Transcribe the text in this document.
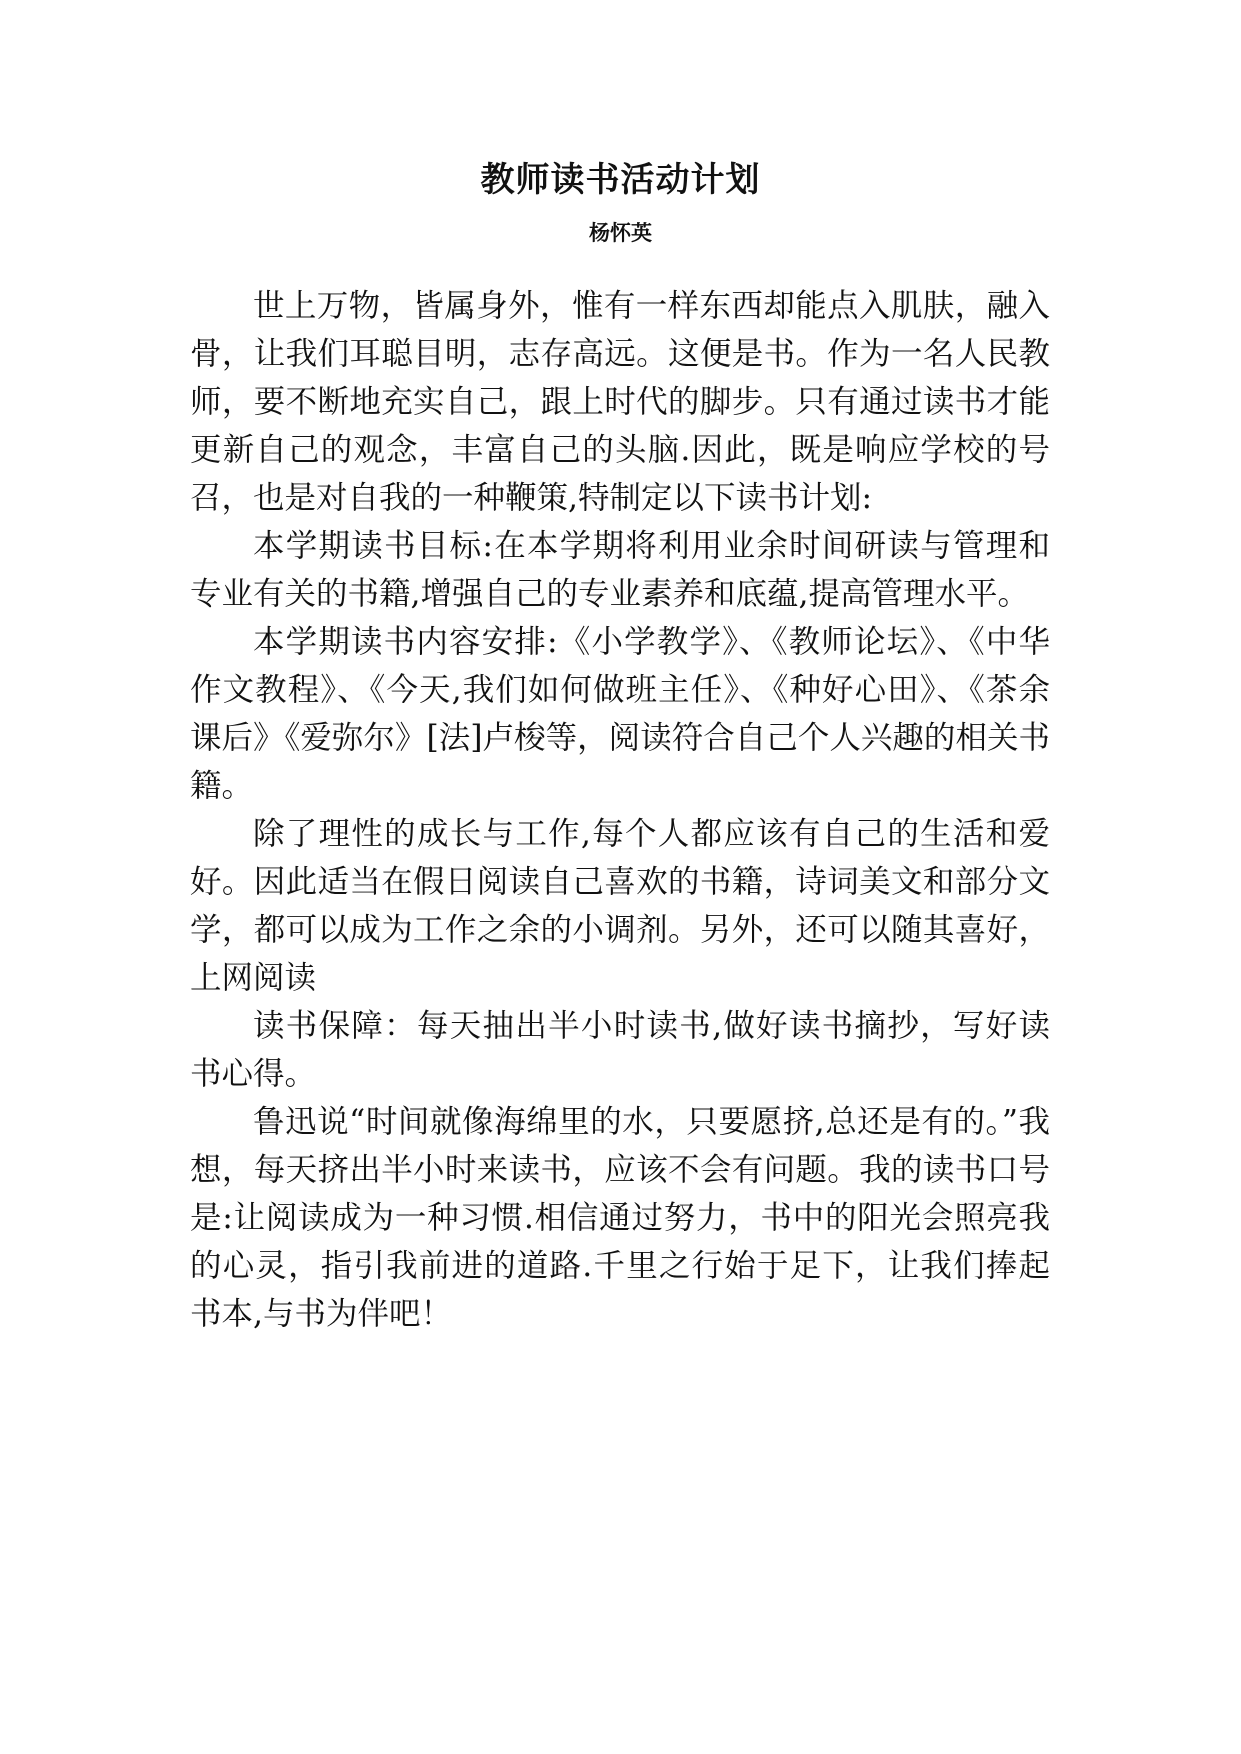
教师读书活动计划
杨怀英

世上万物，皆属身外，惟有一样东西却能点入肌肤，融入骨，让我们耳聪目明，志存高远。这便是书。作为一名人民教师，要不断地充实自己，跟上时代的脚步。只有通过读书才能更新自己的观念，丰富自己的头脑.因此，既是响应学校的号召，也是对自我的一种鞭策,特制定以下读书计划:

本学期读书目标:在本学期将利用业余时间研读与管理和专业有关的书籍,增强自己的专业素养和底蕴,提高管理水平。

本学期读书内容安排:《小学教学》、《教师论坛》、《中华作文教程》、《今天,我们如何做班主任》、《种好心田》、《茶余课后》《爱弥尔》[法]卢梭等，阅读符合自己个人兴趣的相关书籍。

除了理性的成长与工作,每个人都应该有自己的生活和爱好。因此适当在假日阅读自己喜欢的书籍，诗词美文和部分文学，都可以成为工作之余的小调剂。另外，还可以随其喜好，上网阅读

读书保障：每天抽出半小时读书,做好读书摘抄，写好读书心得。

鲁迅说“时间就像海绵里的水，只要愿挤,总还是有的。”我想，每天挤出半小时来读书，应该不会有问题。我的读书口号是:让阅读成为一种习惯.相信通过努力，书中的阳光会照亮我的心灵，指引我前进的道路.千里之行始于足下，让我们捧起书本,与书为伴吧！
